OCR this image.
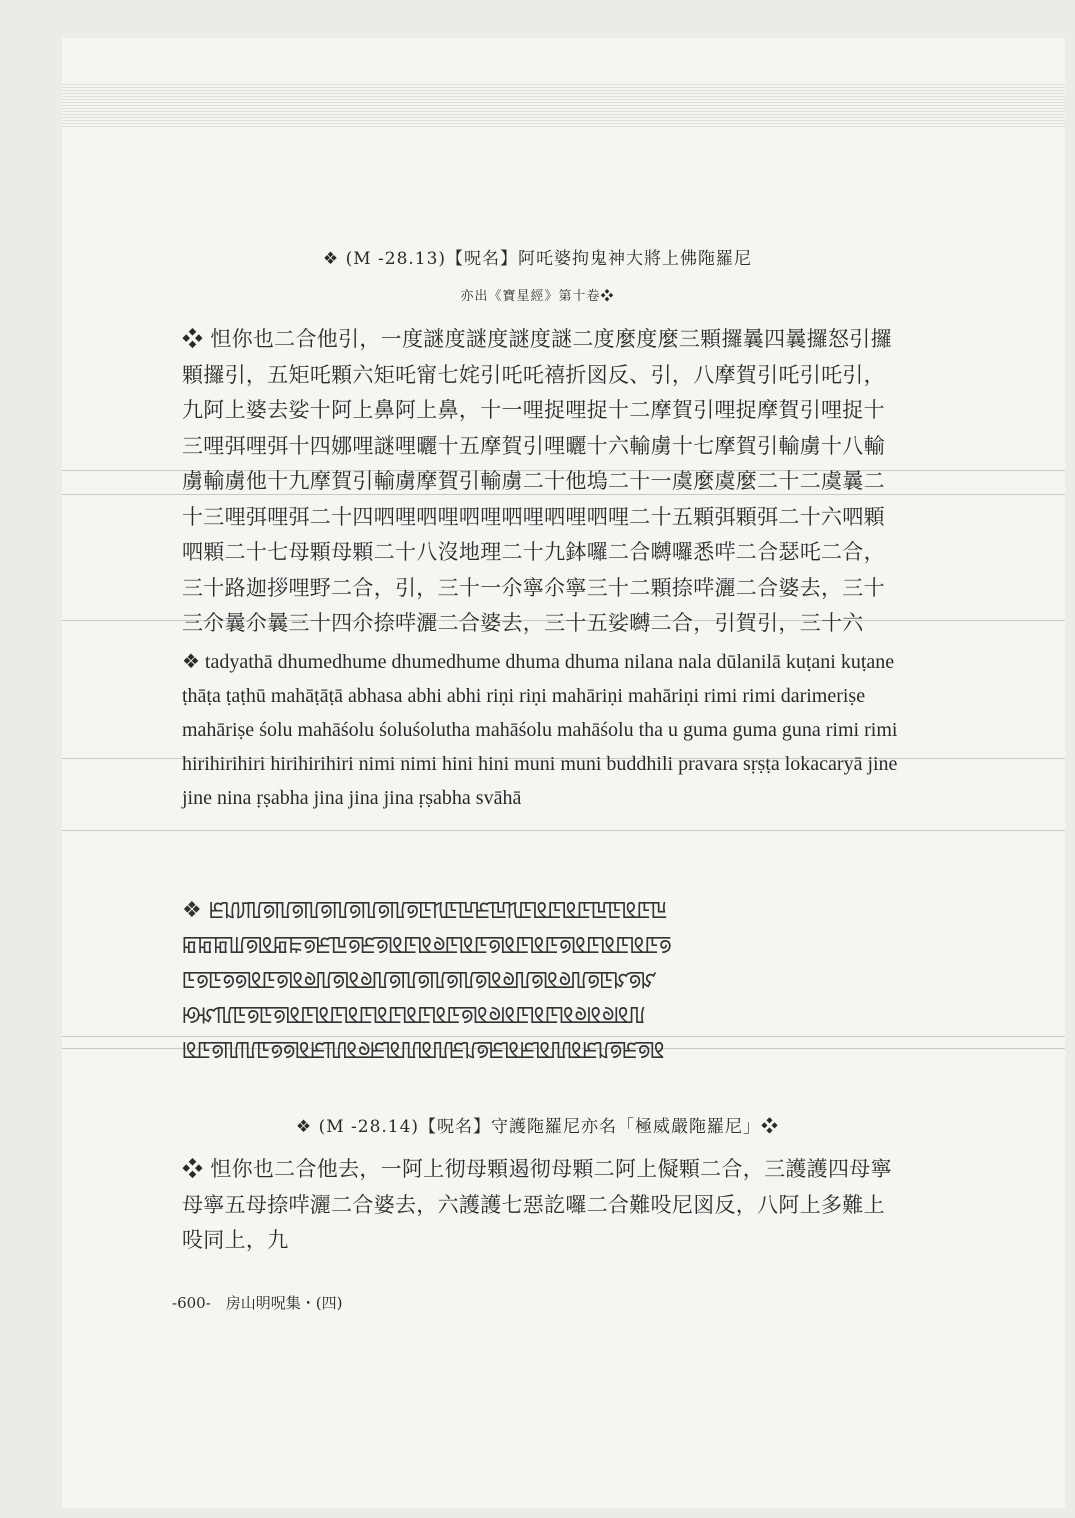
❖ (M -28.13)【呪名】阿吒婆拘鬼神大將上佛陁羅尼
亦出《寶星經》第十卷❖
❖ 怛你也二合他引，一度謎度謎度謎度謎二度麼度麼三顆攞曩四曩攞怒引攞顆攞引，五矩吒顆六矩吒甯七姹引吒吒禧折図反、引，八摩賀引吒引吒引，九阿上婆去娑十阿上鼻阿上鼻，十一哩捉哩捉十二摩賀引哩捉摩賀引哩捉十三哩弭哩弭十四娜哩謎哩曬十五摩賀引哩曬十六輸虜十七摩賀引輸虜十八輸虜輸虜他十九摩賀引輸虜摩賀引輸虜二十他塢二十一虞麼虞麼二十二虞曩二十三哩弭哩弭二十四呬哩呬哩呬哩呬哩呬哩呬哩二十五顆弭顆弭二十六呬顆呬顆二十七母顆母顆二十八沒地理二十九鉢囉二合嚩囉悉哶二合瑟吒二合，三十路迦拶哩野二合，引，三十一尒寧尒寧三十二顆捺哶灑二合婆去，三十三尒曩尒曩三十四尒捺哶灑二合婆去，三十五娑嚩二合，引賀引，三十六
❖ tadyathā dhumedhume dhumedhume dhuma dhuma nilana nala dūlanilā kuṭani kuṭane ṭhāṭa ṭaṭhū mahāṭāṭā abhasa abhi abhi riṇi riṇi mahāriṇi mahāriṇi rimi rimi darimeriṣe mahāriṣe śolu mahāśolu śoluśolutha mahāśolu mahāśolu tha u guma guma guna rimi rimi hirihirihiri hirihirihiri nimi nimi hini hini muni muni buddhili pravara sṛṣṭa lokacaryā jine jine nina ṛṣabha jina jina jina ṛṣabha svāhā
❖ ꡈꡊꡨꡃꡟꡃꡟꡃꡟꡃꡟꡃꡟꡃꡟꡇꡫꡇꡖꡈꡖꡫꡇꡬꡇꡬꡇꡖꡇꡬꡇꡖ
ꡂꡂꡂꡆꡟꡬꡂꡀꡟꡈꡖꡟꡈꡟꡬꡇꡬꡟꡇꡬꡇꡟꡬꡇꡬꡇꡟꡬꡇꡬꡇꡬꡇꡟ
ꡇꡟꡇꡟꡟꡬꡇꡟꡬꡟꡃꡟꡬꡟꡃꡟꡃꡟꡃꡟꡃꡟꡬꡟꡃꡟꡬꡟꡃꡟꡇꡜꡟꡜ
ꡟꡜꡃꡇꡟꡇꡟꡬꡇꡬꡇꡬꡇꡬꡇꡬꡇꡬꡇꡟꡬꡟꡬꡇꡬꡇꡬꡟꡬꡟꡬꡃ
ꡬꡇꡟꡃꡃꡇꡟꡟꡬꡈꡃꡬꡟꡈꡬꡃꡬꡃꡈꡊꡟꡈꡬꡈꡬꡃꡬꡈꡊꡟꡈꡟꡬ
❖ (M -28.14)【呪名】守護陁羅尼亦名「極威嚴陁羅尼」❖
❖ 怛你也二合他去，一阿上彻母顆遏彻母顆二阿上儗顆二合，三護護四母寧母寧五母捺哶灑二合婆去，六護護七惡訖囉二合難吺尼図反，八阿上多難上吺同上，九
-600-　房山明呪集・(四)
